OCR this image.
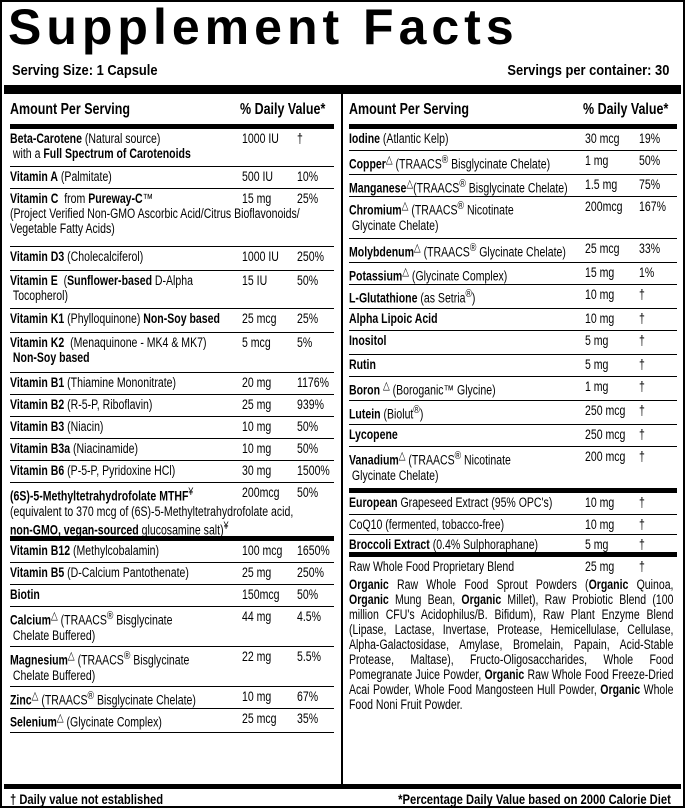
Supplement Facts
Serving Size: 1 Capsule	Servings per container: 30
Amount Per Serving	% Daily Value*
Beta-Carotene (Natural source)
with a Full Spectrum of Carotenoids
1000 IU †
Vitamin A (Palmitate)	500 IU 10%
Vitamin C  from Pureway-C™
(Project Verified Non-GMO Ascorbic Acid/Citrus Bioflavonoids/
Vegetable Fatty Acids)
15 mg 25%
Vitamin D3 (Cholecalciferol)	1000 IU 250%
Vitamin E  (Sunflower-based D-Alpha
Tocopherol)
15 IU 50%
Vitamin K1 (Phylloquinone) Non-Soy based	25 mcg 25%
Vitamin K2  (Menaquinone - MK4 & MK7)
Non-Soy based
5 mcg 5%
Vitamin B1 (Thiamine Mononitrate)	20 mg 1176%
Vitamin B2 (R-5-P, Riboflavin)	25 mg 939%
Vitamin B3 (Niacin)	10 mg 50%
Vitamin B3a (Niacinamide)	10 mg 50%
Vitamin B6 (P-5-P, Pyridoxine HCl)	30 mg 1500%
(6S)-5-Methyltetrahydrofolate MTHF¥
(equivalent to 370 mcg of (6S)-5-Methyltetrahydrofolate acid,
non-GMO, vegan-sourced glucosamine salt)¥
200mcg 50%
Vitamin B12 (Methylcobalamin)	100 mcg 1650%
Vitamin B5 (D-Calcium Pantothenate)	25 mg 250%
Biotin	150mcg 50%
Calcium△ (TRAACS® Bisglycinate
Chelate Buffered)
44 mg 4.5%
Magnesium△ (TRAACS® Bisglycinate
Chelate Buffered)
22 mg 5.5%
Zinc△ (TRAACS® Bisglycinate Chelate)	10 mg 67%
Selenium△ (Glycinate Complex)	25 mcg 35%
Amount Per Serving	% Daily Value*
Iodine (Atlantic Kelp)	30 mcg 19%
Copper△ (TRAACS® Bisglycinate Chelate)	1 mg 50%
Manganese△(TRAACS® Bisglycinate Chelate)	1.5 mg 75%
Chromium△ (TRAACS® Nicotinate
Glycinate Chelate)
200mcg 167%
Molybdenum△ (TRAACS® Glycinate Chelate)	25 mcg 33%
Potassium△ (Glycinate Complex)	15 mg 1%
L-Glutathione (as Setria®)	10 mg †
Alpha Lipoic Acid	10 mg †
Inositol	5 mg †
Rutin	5 mg †
Boron △ (Boroganic™ Glycine)	1 mg †
Lutein (Biolut®)	250 mcg †
Lycopene	250 mcg †
Vanadium△ (TRAACS® Nicotinate
Glycinate Chelate)
200 mcg †
European Grapeseed Extract (95% OPC's)	10 mg †
CoQ10 (fermented, tobacco-free)	10 mg †
Broccoli Extract (0.4% Sulphoraphane)	5 mg †
Raw Whole Food Proprietary Blend	25 mg †
Organic Raw Whole Food Sprout Powders (Organic Quinoa, Organic Mung Bean, Organic Millet), Raw Probiotic Blend (100 million CFU's Acidophilus/B. Bifidum), Raw Plant Enzyme Blend (Lipase, Lactase, Invertase, Protease, Hemicellulase, Cellulase, Alpha-Galactosidase, Amylase, Bromelain, Papain, Acid-Stable Protease, Maltase), Fructo-Oligosaccharides, Whole Food Pomegranate Juice Powder, Organic Raw Whole Food Freeze-Dried Acai Powder, Whole Food Mangosteen Hull Powder, Organic Whole Food Noni Fruit Powder.
† Daily value not established	*Percentage Daily Value based on 2000 Calorie Diet
